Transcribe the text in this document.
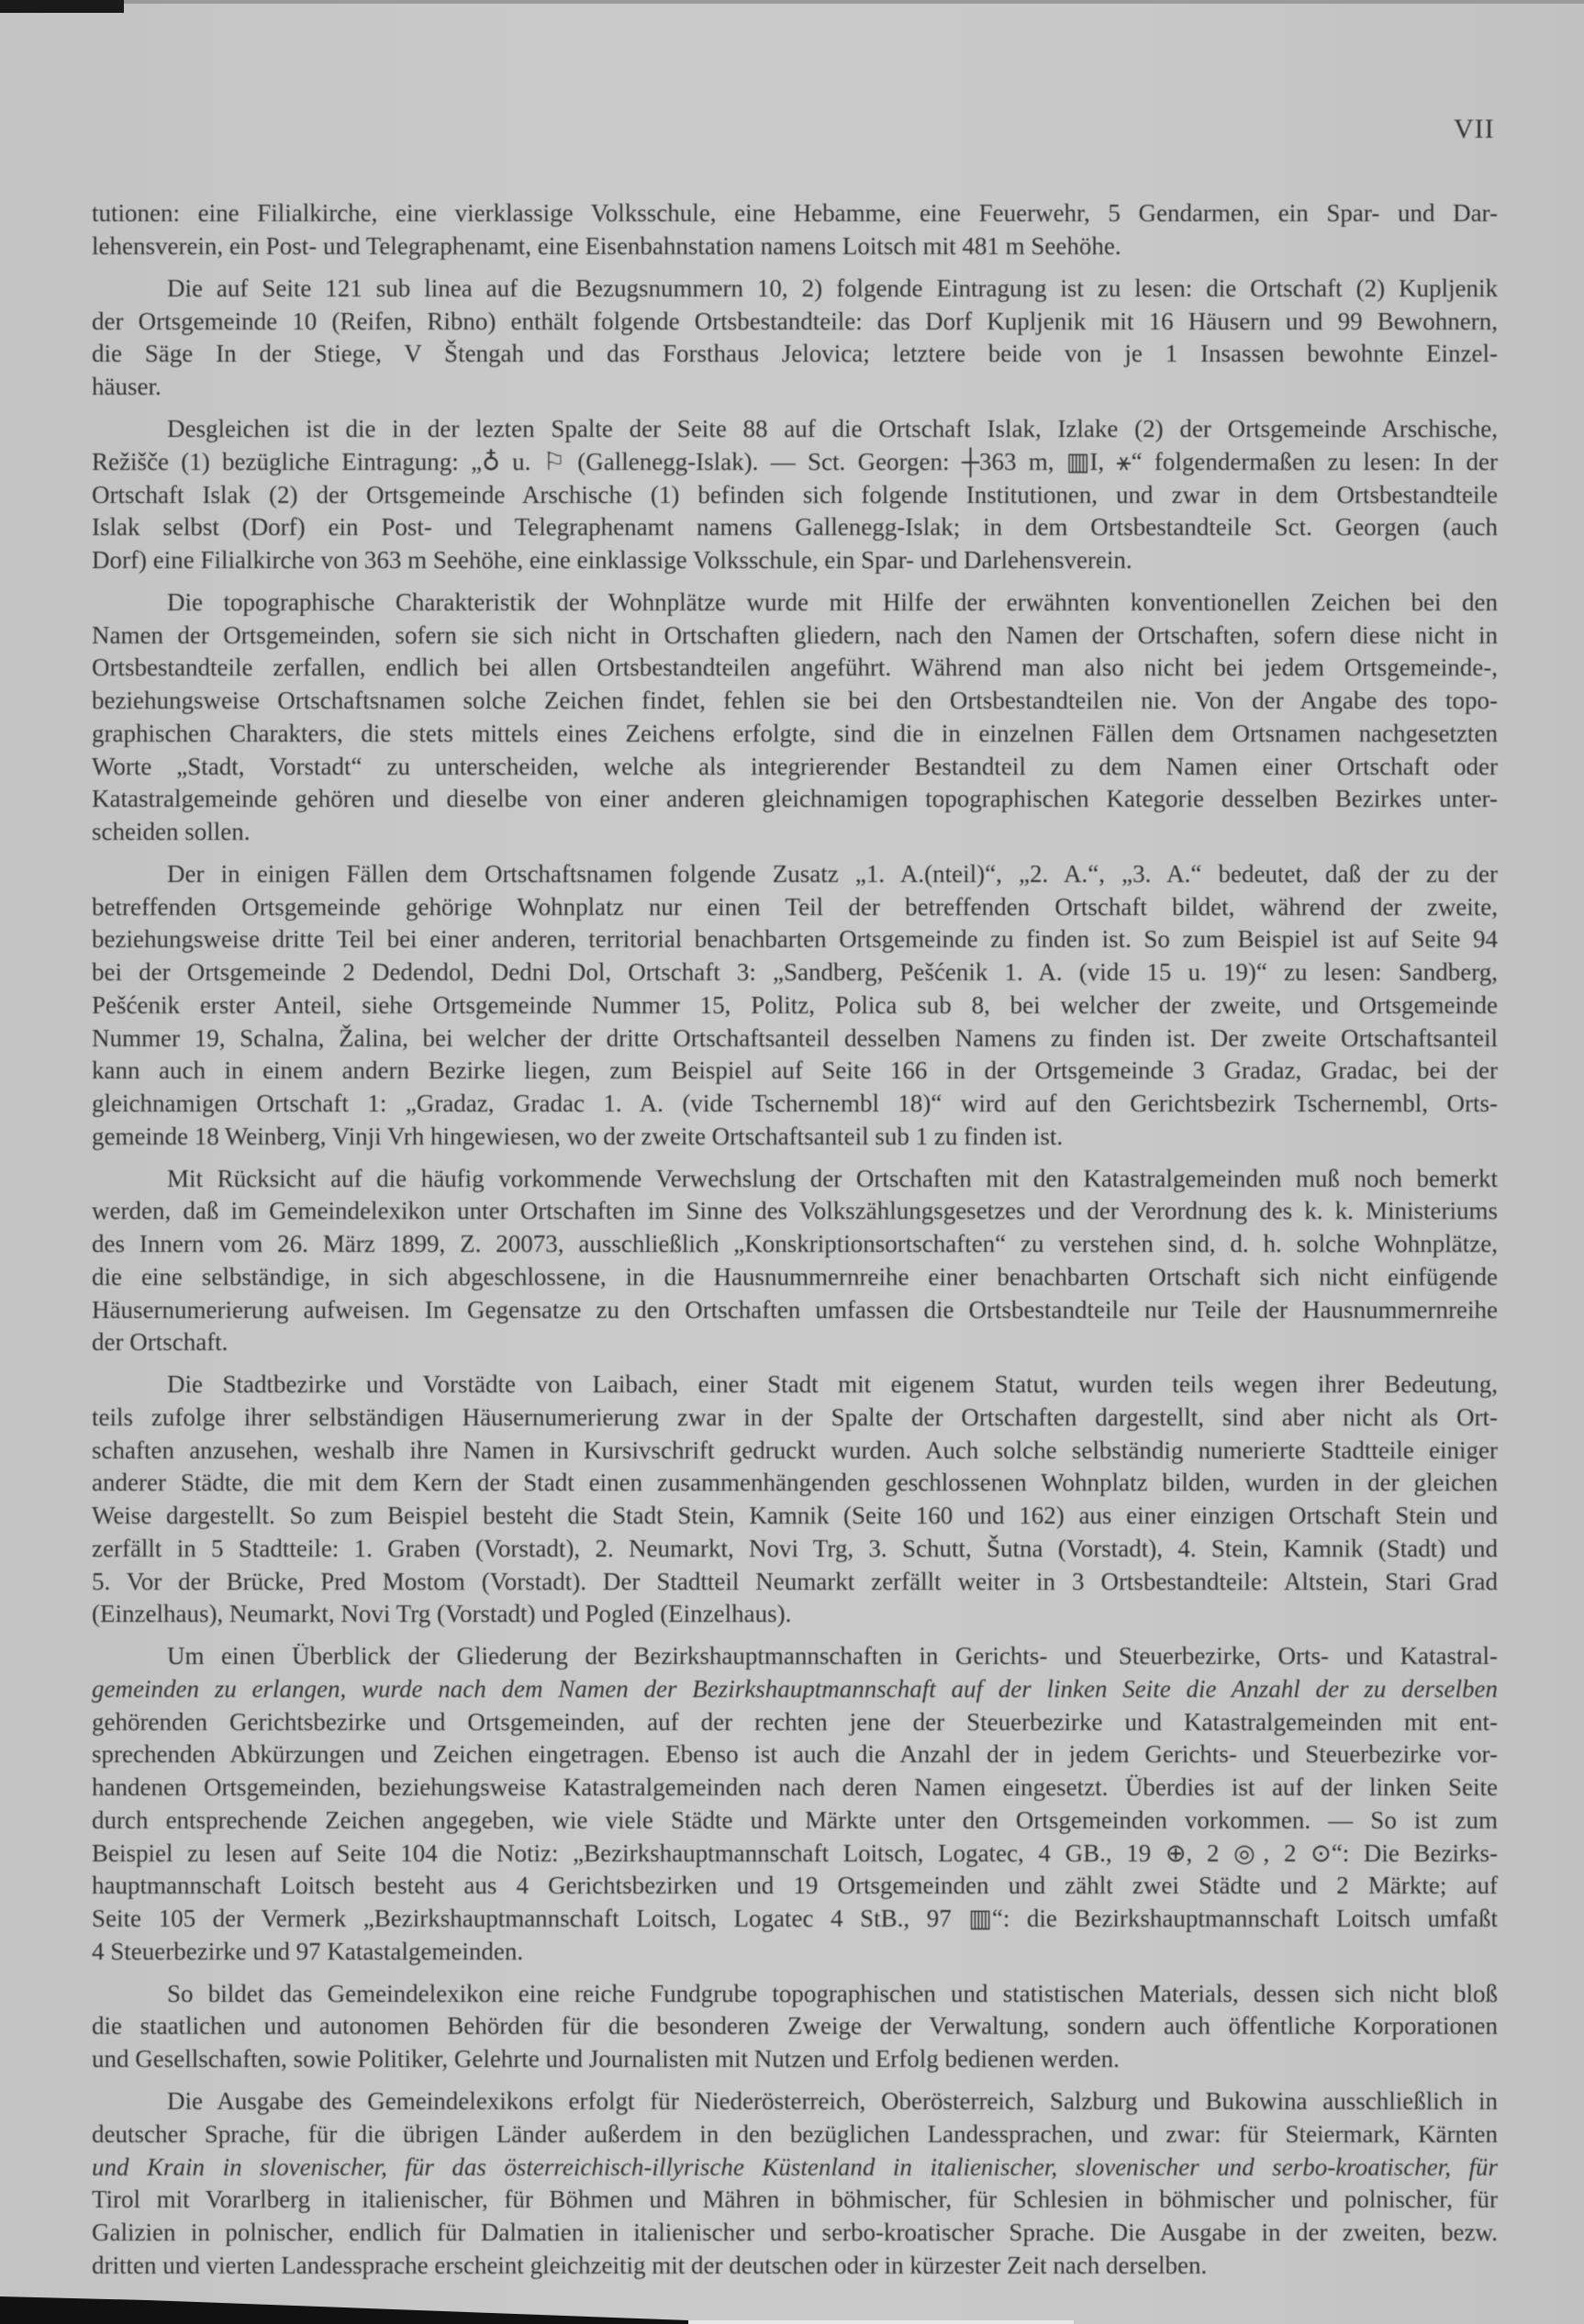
VII
tutionen: eine Filialkirche, eine vierklassige Volksschule, eine Hebamme, eine Feuerwehr, 5 Gendarmen, ein Spar- und Dar-
lehensverein, ein Post- und Telegraphenamt, eine Eisenbahnstation namens Loitsch mit 481 m Seehöhe.
Die auf Seite 121 sub linea auf die Bezugsnummern 10, 2) folgende Eintragung ist zu lesen: die Ortschaft (2) Kupljenik
der Ortsgemeinde 10 (Reifen, Ribno) enthält folgende Ortsbestandteile: das Dorf Kupljenik mit 16 Häusern und 99 Bewohnern,
die Säge In der Stiege, V Štengah und das Forsthaus Jelovica; letztere beide von je 1 Insassen bewohnte Einzel-
häuser.
Desgleichen ist die in der lezten Spalte der Seite 88 auf die Ortschaft Islak, Izlake (2) der Ortsgemeinde Arschische,
Režišče (1) bezügliche Eintragung: „♁ u. ⚐ (Gallenegg-Islak). — Sct. Georgen: ┼363 m, ▥I, ⚹“ folgendermaßen zu lesen: In der
Ortschaft Islak (2) der Ortsgemeinde Arschische (1) befinden sich folgende Institutionen, und zwar in dem Ortsbestandteile
Islak selbst (Dorf) ein Post- und Telegraphenamt namens Gallenegg-Islak; in dem Ortsbestandteile Sct. Georgen (auch
Dorf) eine Filialkirche von 363 m Seehöhe, eine einklassige Volksschule, ein Spar- und Darlehensverein.
Die topographische Charakteristik der Wohnplätze wurde mit Hilfe der erwähnten konventionellen Zeichen bei den
Namen der Ortsgemeinden, sofern sie sich nicht in Ortschaften gliedern, nach den Namen der Ortschaften, sofern diese nicht in
Ortsbestandteile zerfallen, endlich bei allen Ortsbestandteilen angeführt. Während man also nicht bei jedem Ortsgemeinde-,
beziehungsweise Ortschaftsnamen solche Zeichen findet, fehlen sie bei den Ortsbestandteilen nie. Von der Angabe des topo-
graphischen Charakters, die stets mittels eines Zeichens erfolgte, sind die in einzelnen Fällen dem Ortsnamen nachgesetzten
Worte „Stadt, Vorstadt“ zu unterscheiden, welche als integrierender Bestandteil zu dem Namen einer Ortschaft oder
Katastralgemeinde gehören und dieselbe von einer anderen gleichnamigen topographischen Kategorie desselben Bezirkes unter-
scheiden sollen.
Der in einigen Fällen dem Ortschaftsnamen folgende Zusatz „1. A.(nteil)“, „2. A.“, „3. A.“ bedeutet, daß der zu der
betreffenden Ortsgemeinde gehörige Wohnplatz nur einen Teil der betreffenden Ortschaft bildet, während der zweite,
beziehungsweise dritte Teil bei einer anderen, territorial benachbarten Ortsgemeinde zu finden ist. So zum Beispiel ist auf Seite 94
bei der Ortsgemeinde 2 Dedendol, Dedni Dol, Ortschaft 3: „Sandberg, Pešćenik 1. A. (vide 15 u. 19)“ zu lesen: Sandberg,
Pešćenik erster Anteil, siehe Ortsgemeinde Nummer 15, Politz, Polica sub 8, bei welcher der zweite, und Ortsgemeinde
Nummer 19, Schalna, Žalina, bei welcher der dritte Ortschaftsanteil desselben Namens zu finden ist. Der zweite Ortschaftsanteil
kann auch in einem andern Bezirke liegen, zum Beispiel auf Seite 166 in der Ortsgemeinde 3 Gradaz, Gradac, bei der
gleichnamigen Ortschaft 1: „Gradaz, Gradac 1. A. (vide Tschernembl 18)“ wird auf den Gerichtsbezirk Tschernembl, Orts-
gemeinde 18 Weinberg, Vinji Vrh hingewiesen, wo der zweite Ortschaftsanteil sub 1 zu finden ist.
Mit Rücksicht auf die häufig vorkommende Verwechslung der Ortschaften mit den Katastralgemeinden muß noch bemerkt
werden, daß im Gemeindelexikon unter Ortschaften im Sinne des Volkszählungsgesetzes und der Verordnung des k. k. Ministeriums
des Innern vom 26. März 1899, Z. 20073, ausschließlich „Konskriptionsortschaften“ zu verstehen sind, d. h. solche Wohnplätze,
die eine selbständige, in sich abgeschlossene, in die Hausnummernreihe einer benachbarten Ortschaft sich nicht einfügende
Häusernumerierung aufweisen. Im Gegensatze zu den Ortschaften umfassen die Ortsbestandteile nur Teile der Hausnummernreihe
der Ortschaft.
Die Stadtbezirke und Vorstädte von Laibach, einer Stadt mit eigenem Statut, wurden teils wegen ihrer Bedeutung,
teils zufolge ihrer selbständigen Häusernumerierung zwar in der Spalte der Ortschaften dargestellt, sind aber nicht als Ort-
schaften anzusehen, weshalb ihre Namen in Kursivschrift gedruckt wurden. Auch solche selbständig numerierte Stadtteile einiger
anderer Städte, die mit dem Kern der Stadt einen zusammenhängenden geschlossenen Wohnplatz bilden, wurden in der gleichen
Weise dargestellt. So zum Beispiel besteht die Stadt Stein, Kamnik (Seite 160 und 162) aus einer einzigen Ortschaft Stein und
zerfällt in 5 Stadtteile: 1. Graben (Vorstadt), 2. Neumarkt, Novi Trg, 3. Schutt, Šutna (Vorstadt), 4. Stein, Kamnik (Stadt) und
5. Vor der Brücke, Pred Mostom (Vorstadt). Der Stadtteil Neumarkt zerfällt weiter in 3 Ortsbestandteile: Altstein, Stari Grad
(Einzelhaus), Neumarkt, Novi Trg (Vorstadt) und Pogled (Einzelhaus).
Um einen Überblick der Gliederung der Bezirkshauptmannschaften in Gerichts- und Steuerbezirke, Orts- und Katastral-
gemeinden zu erlangen, wurde nach dem Namen der Bezirkshauptmannschaft auf der linken Seite die Anzahl der zu derselben
gehörenden Gerichtsbezirke und Ortsgemeinden, auf der rechten jene der Steuerbezirke und Katastralgemeinden mit ent-
sprechenden Abkürzungen und Zeichen eingetragen. Ebenso ist auch die Anzahl der in jedem Gerichts- und Steuerbezirke vor-
handenen Ortsgemeinden, beziehungsweise Katastralgemeinden nach deren Namen eingesetzt. Überdies ist auf der linken Seite
durch entsprechende Zeichen angegeben, wie viele Städte und Märkte unter den Ortsgemeinden vorkommen. — So ist zum
Beispiel zu lesen auf Seite 104 die Notiz: „Bezirkshauptmannschaft Loitsch, Logatec, 4 GB., 19 ⊕, 2 ◎, 2 ⊙“: Die Bezirks-
hauptmannschaft Loitsch besteht aus 4 Gerichtsbezirken und 19 Ortsgemeinden und zählt zwei Städte und 2 Märkte; auf
Seite 105 der Vermerk „Bezirkshauptmannschaft Loitsch, Logatec 4 StB., 97 ▥“: die Bezirkshauptmannschaft Loitsch umfaßt
4 Steuerbezirke und 97 Katastalgemeinden.
So bildet das Gemeindelexikon eine reiche Fundgrube topographischen und statistischen Materials, dessen sich nicht bloß
die staatlichen und autonomen Behörden für die besonderen Zweige der Verwaltung, sondern auch öffentliche Korporationen
und Gesellschaften, sowie Politiker, Gelehrte und Journalisten mit Nutzen und Erfolg bedienen werden.
Die Ausgabe des Gemeindelexikons erfolgt für Niederösterreich, Oberösterreich, Salzburg und Bukowina ausschließlich in
deutscher Sprache, für die übrigen Länder außerdem in den bezüglichen Landessprachen, und zwar: für Steiermark, Kärnten
und Krain in slovenischer, für das österreichisch-illyrische Küstenland in italienischer, slovenischer und serbo-kroatischer, für
Tirol mit Vorarlberg in italienischer, für Böhmen und Mähren in böhmischer, für Schlesien in böhmischer und polnischer, für
Galizien in polnischer, endlich für Dalmatien in italienischer und serbo-kroatischer Sprache. Die Ausgabe in der zweiten, bezw.
dritten und vierten Landessprache erscheint gleichzeitig mit der deutschen oder in kürzester Zeit nach derselben.
